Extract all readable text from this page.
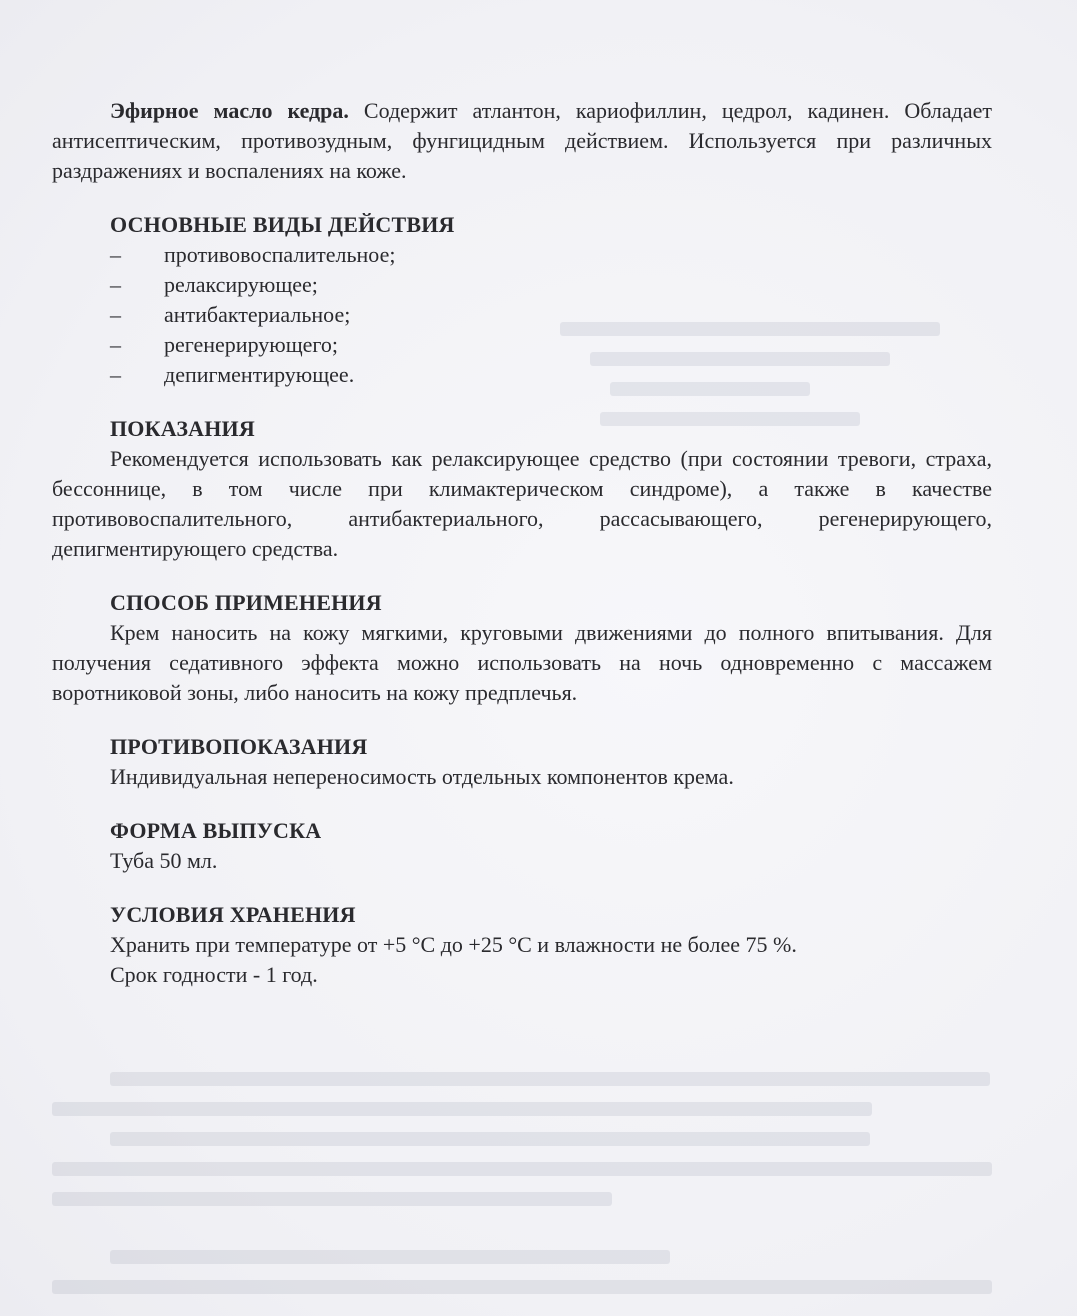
Эфирное масло кедра. Содержит атлантон, кариофиллин, цедрол, кадинен. Обладает антисептическим, противозудным, фунгицидным действием. Используется при различных раздражениях и воспалениях на коже.

ОСНОВНЫЕ ВИДЫ ДЕЙСТВИЯ
– противовоспалительное;
– релаксирующее;
– антибактериальное;
– регенерирующего;
– депигментирующее.
ПОКАЗАНИЯ

Рекомендуется использовать как релаксирующее средство (при состоянии тревоги, страха, бессоннице, в том числе при климактерическом синдроме), а также в качестве противовоспалительного, антибактериального, рассасывающего, регенерирующего, депигментирующего средства.

СПОСОБ ПРИМЕНЕНИЯ

Крем наносить на кожу мягкими, круговыми движениями до полного впитывания. Для получения седативного эффекта можно использовать на ночь одновременно с массажем воротниковой зоны, либо наносить на кожу предплечья.

ПРОТИВОПОКАЗАНИЯ

Индивидуальная непереносимость отдельных компонентов крема.

ФОРМА ВЫПУСКА

Туба 50 мл.

УСЛОВИЯ ХРАНЕНИЯ

Хранить при температуре от +5 °С до +25 °С и влажности не более 75 %.

Срок годности - 1 год.
